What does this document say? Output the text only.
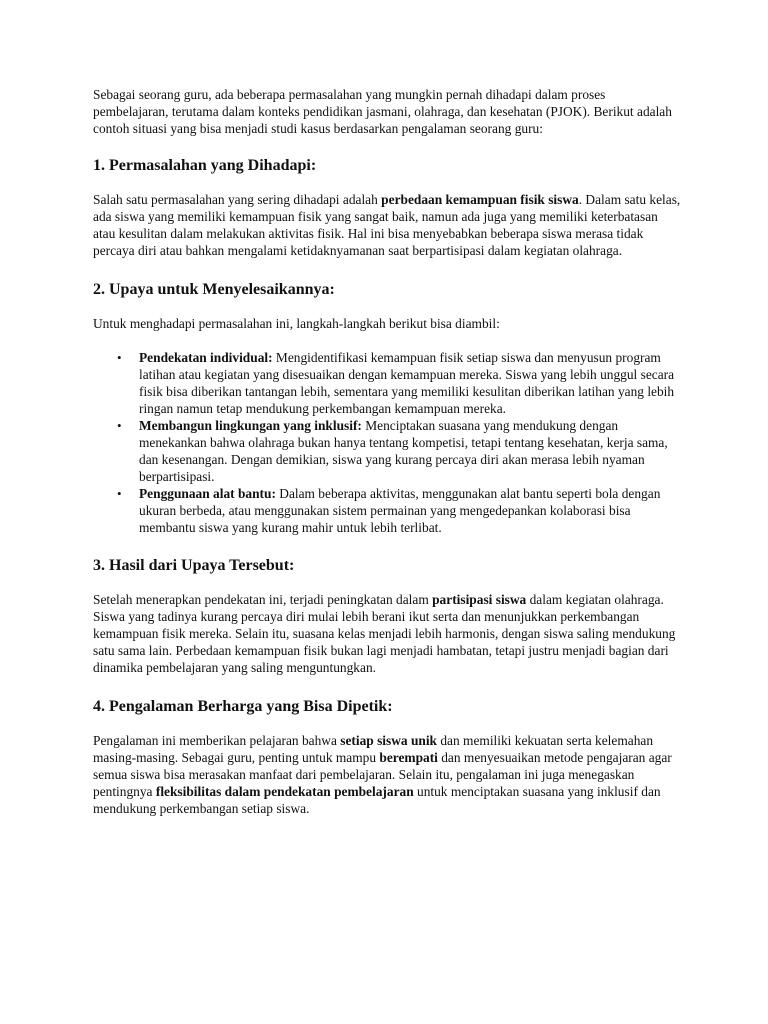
Sebagai seorang guru, ada beberapa permasalahan yang mungkin pernah dihadapi dalam proses pembelajaran, terutama dalam konteks pendidikan jasmani, olahraga, dan kesehatan (PJOK). Berikut adalah contoh situasi yang bisa menjadi studi kasus berdasarkan pengalaman seorang guru:

1. Permasalahan yang Dihadapi:

Salah satu permasalahan yang sering dihadapi adalah perbedaan kemampuan fisik siswa. Dalam satu kelas, ada siswa yang memiliki kemampuan fisik yang sangat baik, namun ada juga yang memiliki keterbatasan atau kesulitan dalam melakukan aktivitas fisik. Hal ini bisa menyebabkan beberapa siswa merasa tidak percaya diri atau bahkan mengalami ketidaknyamanan saat berpartisipasi dalam kegiatan olahraga.

2. Upaya untuk Menyelesaikannya:

Untuk menghadapi permasalahan ini, langkah-langkah berikut bisa diambil:

• Pendekatan individual: Mengidentifikasi kemampuan fisik setiap siswa dan menyusun program latihan atau kegiatan yang disesuaikan dengan kemampuan mereka. Siswa yang lebih unggul secara fisik bisa diberikan tantangan lebih, sementara yang memiliki kesulitan diberikan latihan yang lebih ringan namun tetap mendukung perkembangan kemampuan mereka.
• Membangun lingkungan yang inklusif: Menciptakan suasana yang mendukung dengan menekankan bahwa olahraga bukan hanya tentang kompetisi, tetapi tentang kesehatan, kerja sama, dan kesenangan. Dengan demikian, siswa yang kurang percaya diri akan merasa lebih nyaman berpartisipasi.
• Penggunaan alat bantu: Dalam beberapa aktivitas, menggunakan alat bantu seperti bola dengan ukuran berbeda, atau menggunakan sistem permainan yang mengedepankan kolaborasi bisa membantu siswa yang kurang mahir untuk lebih terlibat.
3. Hasil dari Upaya Tersebut:

Setelah menerapkan pendekatan ini, terjadi peningkatan dalam partisipasi siswa dalam kegiatan olahraga. Siswa yang tadinya kurang percaya diri mulai lebih berani ikut serta dan menunjukkan perkembangan kemampuan fisik mereka. Selain itu, suasana kelas menjadi lebih harmonis, dengan siswa saling mendukung satu sama lain. Perbedaan kemampuan fisik bukan lagi menjadi hambatan, tetapi justru menjadi bagian dari dinamika pembelajaran yang saling menguntungkan.

4. Pengalaman Berharga yang Bisa Dipetik:

Pengalaman ini memberikan pelajaran bahwa setiap siswa unik dan memiliki kekuatan serta kelemahan masing-masing. Sebagai guru, penting untuk mampu berempati dan menyesuaikan metode pengajaran agar semua siswa bisa merasakan manfaat dari pembelajaran. Selain itu, pengalaman ini juga menegaskan pentingnya fleksibilitas dalam pendekatan pembelajaran untuk menciptakan suasana yang inklusif dan mendukung perkembangan setiap siswa.
